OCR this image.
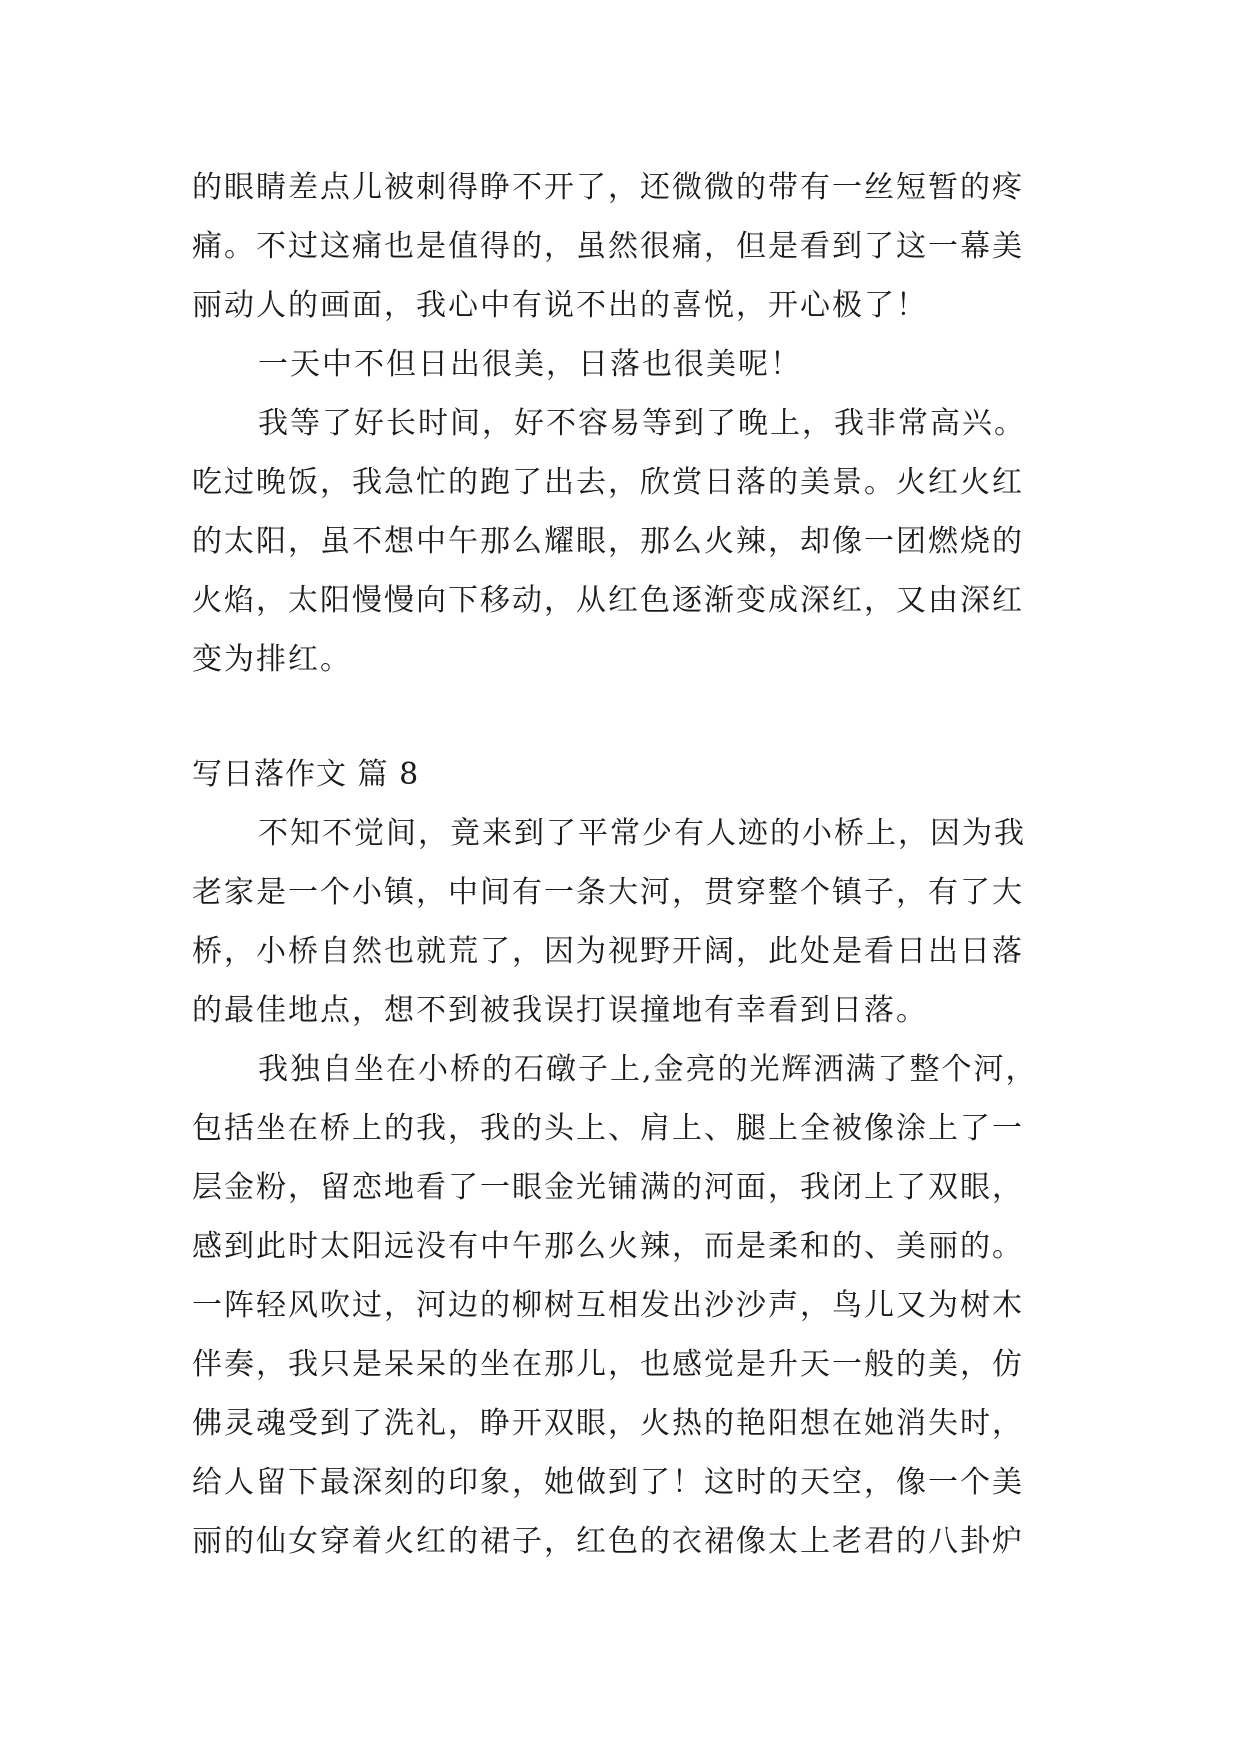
的眼睛差点儿被刺得睁不开了，还微微的带有一丝短暂的疼
痛。不过这痛也是值得的，虽然很痛，但是看到了这一幕美
丽动人的画面，我心中有说不出的喜悦，开心极了！
一天中不但日出很美，日落也很美呢！
我等了好长时间，好不容易等到了晚上，我非常高兴。
吃过晚饭，我急忙的跑了出去，欣赏日落的美景。火红火红
的太阳，虽不想中午那么耀眼，那么火辣，却像一团燃烧的
火焰，太阳慢慢向下移动，从红色逐渐变成深红，又由深红
变为排红。
写日落作文 篇 8
不知不觉间，竟来到了平常少有人迹的小桥上，因为我
老家是一个小镇，中间有一条大河，贯穿整个镇子，有了大
桥，小桥自然也就荒了，因为视野开阔，此处是看日出日落
的最佳地点，想不到被我误打误撞地有幸看到日落。
我独自坐在小桥的石礅子上,金亮的光辉洒满了整个河，
包括坐在桥上的我，我的头上、肩上、腿上全被像涂上了一
层金粉，留恋地看了一眼金光铺满的河面，我闭上了双眼，
感到此时太阳远没有中午那么火辣，而是柔和的、美丽的。
一阵轻风吹过，河边的柳树互相发出沙沙声，鸟儿又为树木
伴奏，我只是呆呆的坐在那儿，也感觉是升天一般的美，仿
佛灵魂受到了洗礼，睁开双眼，火热的艳阳想在她消失时，
给人留下最深刻的印象，她做到了！这时的天空，像一个美
丽的仙女穿着火红的裙子，红色的衣裙像太上老君的八卦炉
